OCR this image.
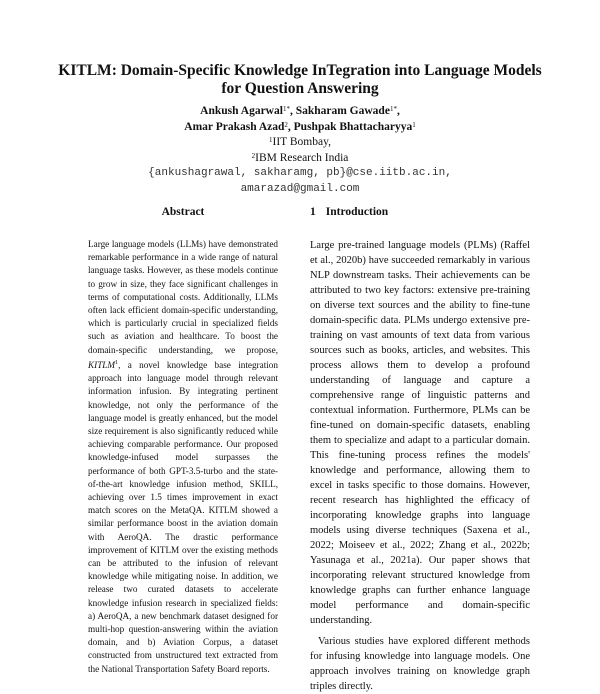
KITLM: Domain-Specific Knowledge InTegration into Language Models
for Question Answering
Ankush Agarwal$^{1*}$, Sakharam Gawade$^{1*}$,
Amar Prakash Azad$^2$, Pushpak Bhattacharyya$^1$
$^1$IIT Bombay,
$^2$IBM Research India
{ankushagrawal, sakharamg, pb}@cse.iitb.ac.in,
amarazad@gmail.com
Abstract

Large language models (LLMs) have demonstrated remarkable performance in a wide range of natural language tasks. However, as these models continue to grow in size, they face significant challenges in terms of computational costs. Additionally, LLMs often lack efficient domain-specific understanding, which is particularly crucial in specialized fields such as aviation and healthcare. To boost the domain-specific understanding, we propose, KITLM$^1$, a novel knowledge base integration approach into language model through relevant information infusion. By integrating pertinent knowledge, not only the performance of the language model is greatly enhanced, but the model size requirement is also significantly reduced while achieving comparable performance. Our proposed knowledge-infused model surpasses the performance of both GPT-3.5-turbo and the state-of-the-art knowledge infusion method, SKILL, achieving over 1.5 times improvement in exact match scores on the MetaQA. KITLM showed a similar performance boost in the aviation domain with AeroQA. The drastic performance improvement of KITLM over the existing methods can be attributed to the infusion of relevant knowledge while mitigating noise. In addition, we release two curated datasets to accelerate knowledge infusion research in specialized fields: a) AeroQA, a new benchmark dataset designed for multi-hop question-answering within the aviation domain, and b) Aviation Corpus, a dataset constructed from unstructured text extracted from the National Transportation Safety Board reports.

1 Introduction

Large pre-trained language models (PLMs) (Raffel et al., 2020b) have succeeded remarkably in various NLP downstream tasks. Their achievements can be attributed to two key factors: extensive pre-training on diverse text sources and the ability to fine-tune domain-specific data. PLMs undergo extensive pre-training on vast amounts of text data from various sources such as books, articles, and websites. This process allows them to develop a profound understanding of language and capture a comprehensive range of linguistic patterns and contextual information. Furthermore, PLMs can be fine-tuned on domain-specific datasets, enabling them to specialize and adapt to a particular domain. This fine-tuning process refines the models' knowledge and performance, allowing them to excel in tasks specific to those domains. However, recent research has highlighted the efficacy of incorporating knowledge graphs into language models using diverse techniques (Saxena et al., 2022; Moiseev et al., 2022; Zhang et al., 2022b; Yasunaga et al., 2021a). Our paper shows that incorporating relevant structured knowledge from knowledge graphs can further enhance language model performance and domain-specific understanding.

Various studies have explored different methods for infusing knowledge into language models. One approach involves training on knowledge graph triples directly.
